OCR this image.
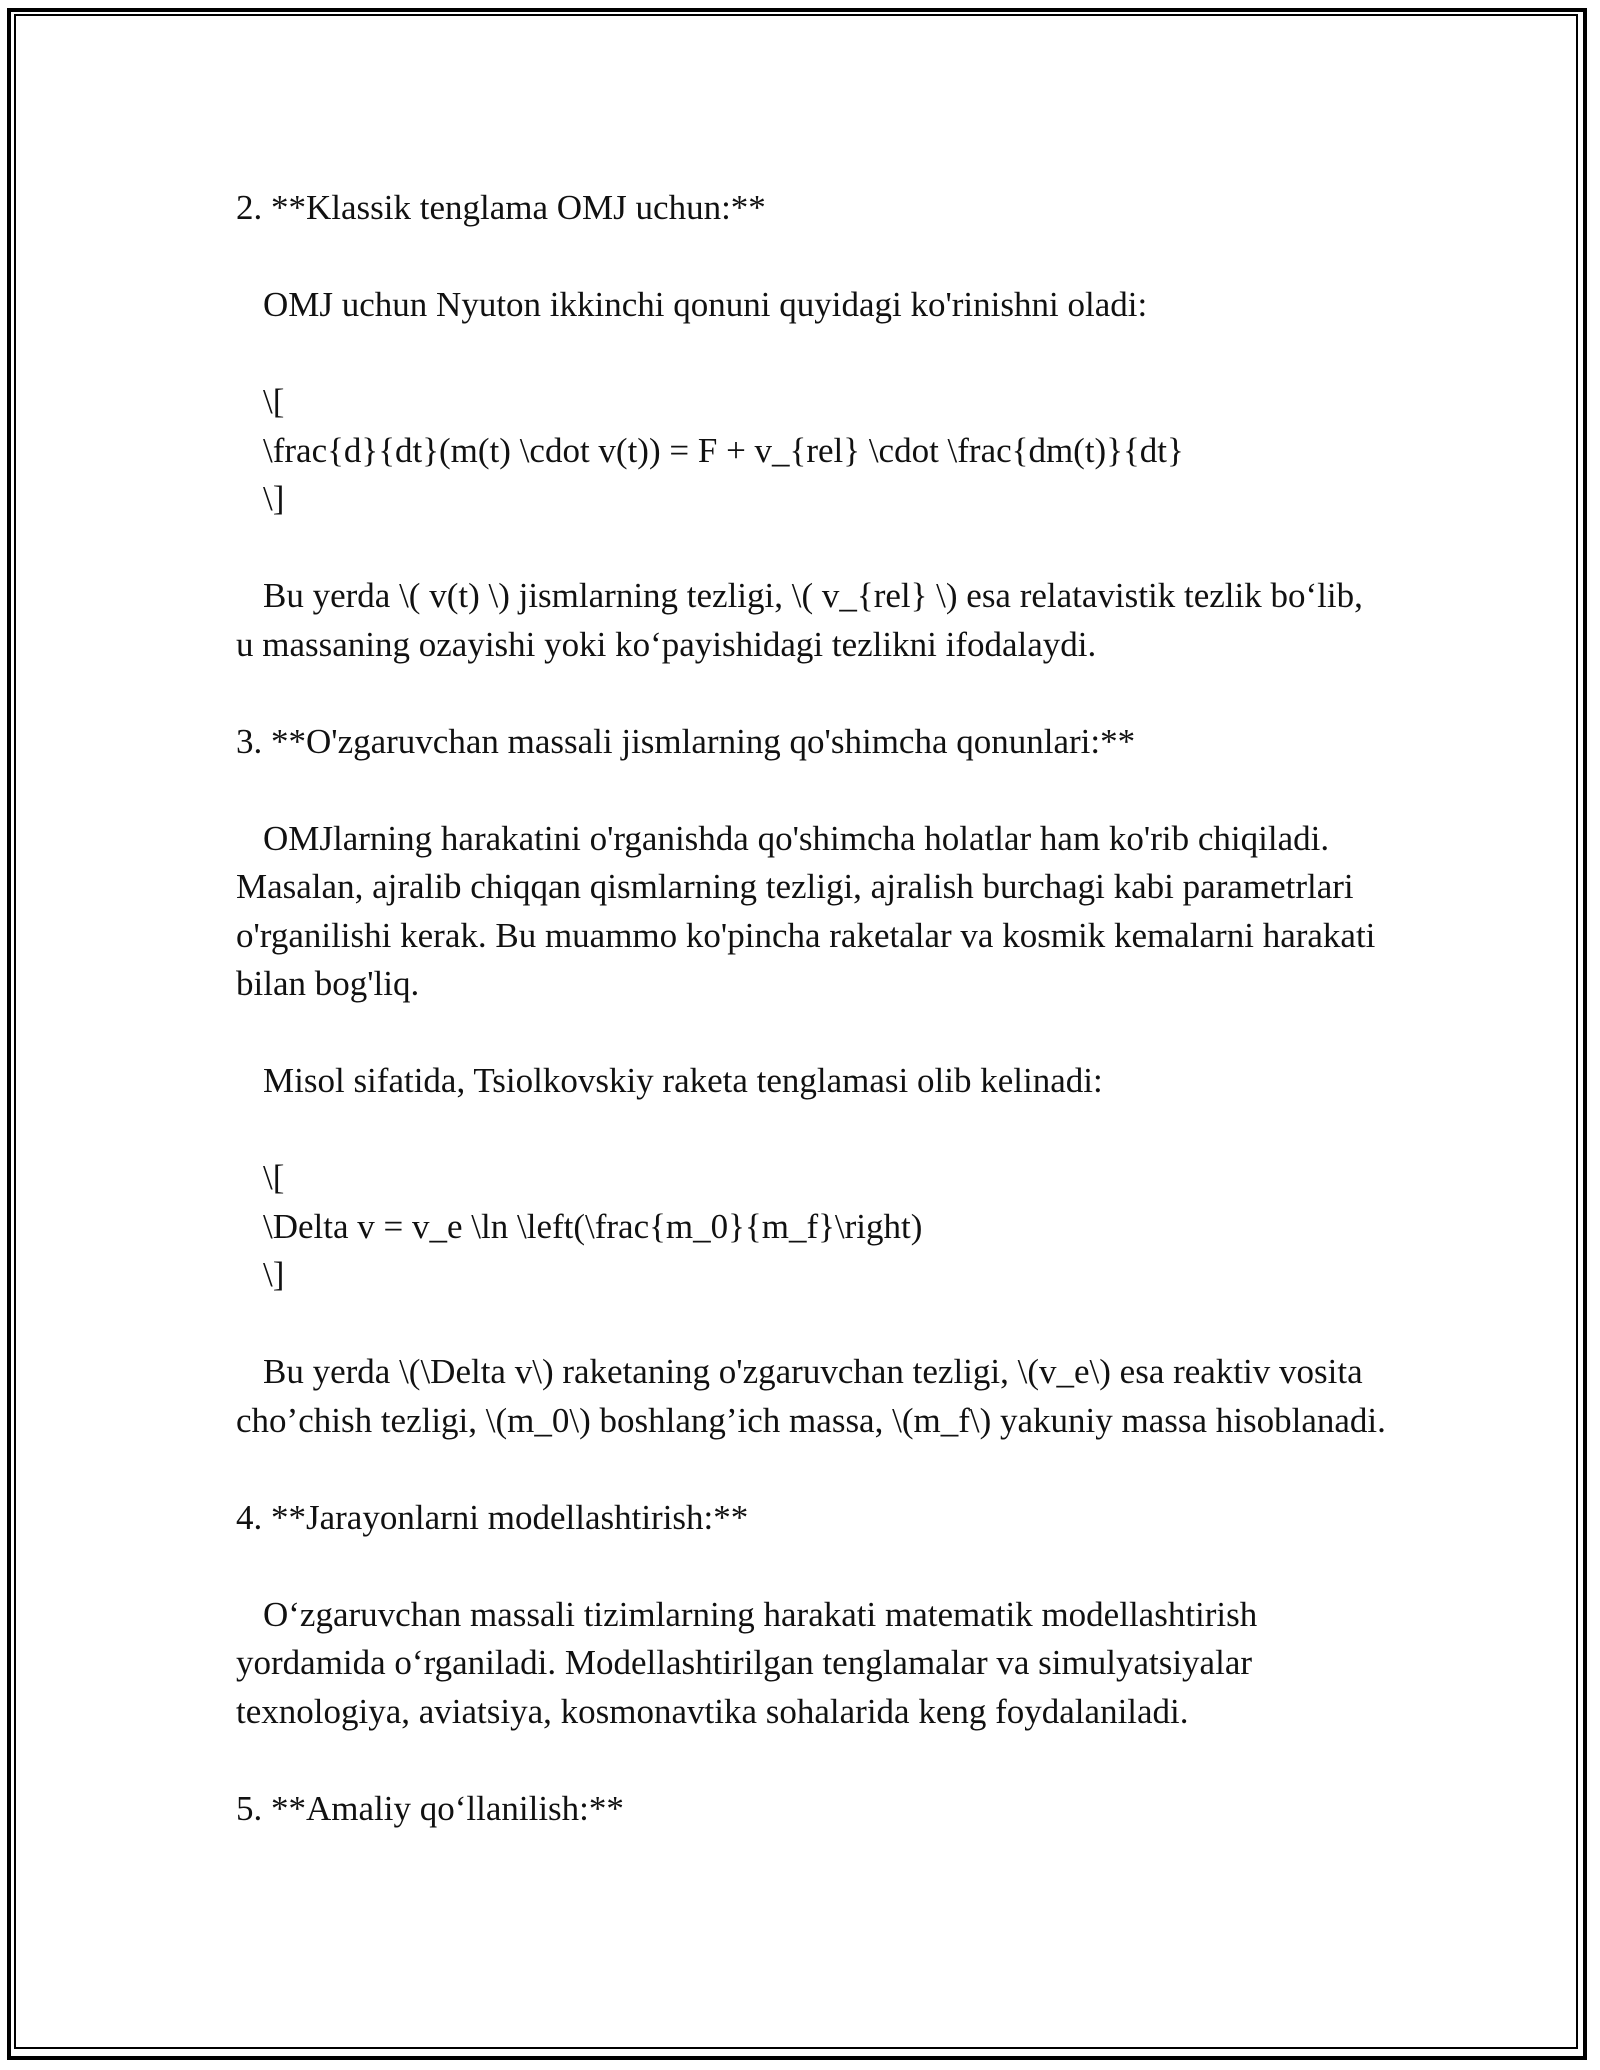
2. **Klassik tenglama OMJ uchun:**

OMJ uchun Nyuton ikkinchi qonuni quyidagi ko'rinishni oladi:

\[

\frac{d}{dt}(m(t) \cdot v(t)) = F + v_{rel} \cdot \frac{dm(t)}{dt}

\]

Bu yerda \( v(t) \) jismlarning tezligi, \( v_{rel} \) esa relatavistik tezlik bo‘lib, u massaning ozayishi yoki ko‘payishidagi tezlikni ifodalaydi.

3. **O'zgaruvchan massali jismlarning qo'shimcha qonunlari:**

OMJlarning harakatini o'rganishda qo'shimcha holatlar ham ko'rib chiqiladi. Masalan, ajralib chiqqan qismlarning tezligi, ajralish burchagi kabi parametrlari o'rganilishi kerak. Bu muammo ko'pincha raketalar va kosmik kemalarni harakati bilan bog'liq.

Misol sifatida, Tsiolkovskiy raketa tenglamasi olib kelinadi:

\[

\Delta v = v_e \ln \left(\frac{m_0}{m_f}\right)

\]

Bu yerda \(\Delta v\) raketaning o'zgaruvchan tezligi, \(v_e\) esa reaktiv vosita cho’chish tezligi, \(m_0\) boshlang’ich massa, \(m_f\) yakuniy massa hisoblanadi.

4. **Jarayonlarni modellashtirish:**

O‘zgaruvchan massali tizimlarning harakati matematik modellashtirish yordamida o‘rganiladi. Modellashtirilgan tenglamalar va simulyatsiyalar texnologiya, aviatsiya, kosmonavtika sohalarida keng foydalaniladi.

5. **Amaliy qo‘llanilish:**
